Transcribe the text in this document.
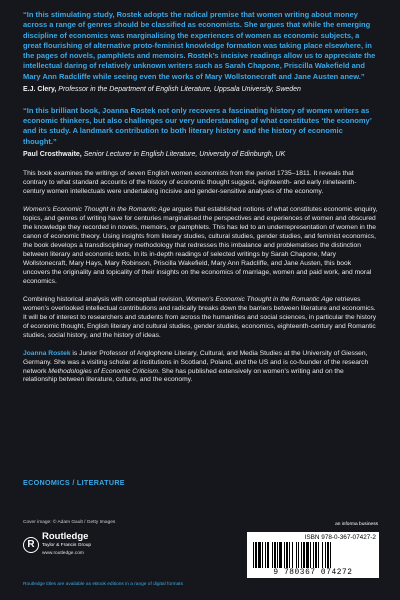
“In this stimulating study, Rostek adopts the radical premise that women writing about money across a range of genres should be classified as economists. She argues that while the emerging discipline of economics was marginalising the experiences of women as economic subjects, a great flourishing of alternative proto-feminist knowledge formation was taking place elsewhere, in the pages of novels, pamphlets and memoirs. Rostek’s incisive readings allow us to appreciate the intellectual daring of relatively unknown writers such as Sarah Chapone, Priscilla Wakefield and Mary Ann Radcliffe while seeing even the works of Mary Wollstonecraft and Jane Austen anew.”
E.J. Clery, Professor in the Department of English Literature, Uppsala University, Sweden
“In this brilliant book, Joanna Rostek not only recovers a fascinating history of women writers as economic thinkers, but also challenges our very understanding of what constitutes ‘the economy’ and its study. A landmark contribution to both literary history and the history of economic thought.”
Paul Crosthwaite, Senior Lecturer in English Literature, University of Edinburgh, UK

This book examines the writings of seven English women economists from the period 1735–1811. It reveals that contrary to what standard accounts of the history of economic thought suggest, eighteenth- and early nineteenth-century women intellectuals were undertaking incisive and gender-sensitive analyses of the economy.

Women’s Economic Thought in the Romantic Age argues that established notions of what constitutes economic enquiry, topics, and genres of writing have for centuries marginalised the perspectives and experiences of women and obscured the knowledge they recorded in novels, memoirs, or pamphlets. This has led to an underrepresentation of women in the canon of economic theory. Using insights from literary studies, cultural studies, gender studies, and feminist economics, the book develops a transdisciplinary methodology that redresses this imbalance and problematises the distinction between literary and economic texts. In its in-depth readings of selected writings by Sarah Chapone, Mary Wollstonecraft, Mary Hays, Mary Robinson, Priscilla Wakefield, Mary Ann Radcliffe, and Jane Austen, this book uncovers the originality and topicality of their insights on the economics of marriage, women and paid work, and moral economics.

Combining historical analysis with conceptual revision, Women’s Economic Thought in the Romantic Age retrieves women’s overlooked intellectual contributions and radically breaks down the barriers between literature and economics. It will be of interest to researchers and students from across the humanities and social sciences, in particular the history of economic thought, English literary and cultural studies, gender studies, economics, eighteenth-century and Romantic studies, social history, and the history of ideas.

Joanna Rostek is Junior Professor of Anglophone Literary, Cultural, and Media Studies at the University of Giessen, Germany. She was a visiting scholar at institutions in Scotland, Poland, and the US and is co-founder of the research network Methodologies of Economic Criticism. She has published extensively on women’s writing and on the relationship between literature, culture, and the economy.

ECONOMICS / LITERATURE
Cover image: © Adam Gault / Getty Images
R
Routledge
Taylor & Francis Group
www.routledge.com
an informa business
ISBN 978-0-367-07427-2
9 780367 074272
Routledge titles are available as eBook editions in a range of digital formats
